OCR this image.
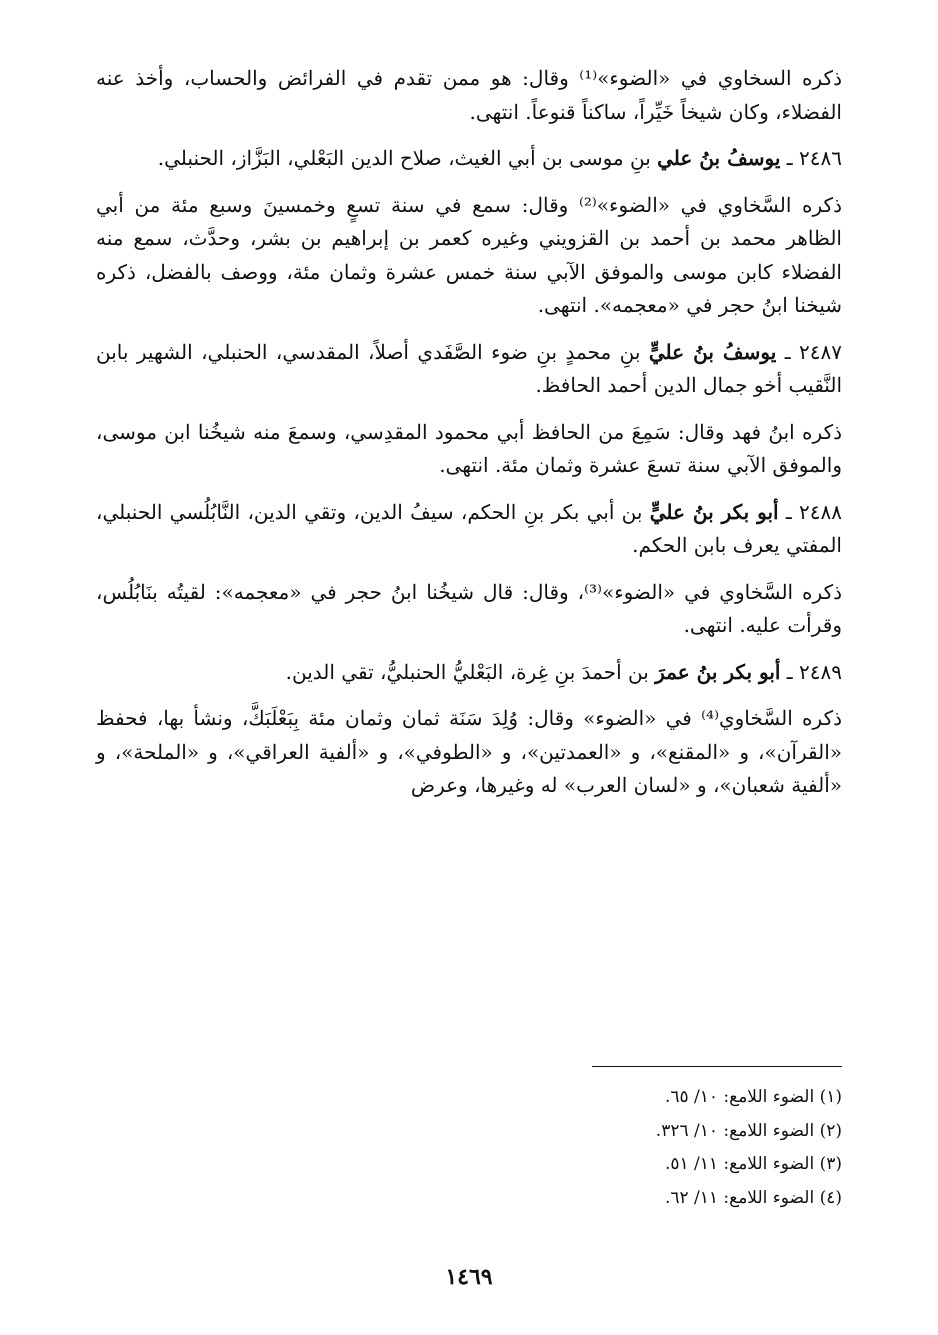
ذكره السخاوي في «الضوء»⁽¹⁾ وقال: هو ممن تقدم في الفرائض والحساب، وأخذ عنه الفضلاء، وكان شيخاً خَيِّراً، ساكناً قنوعاً. انتهى.

٢٤٨٦ ـ يوسفُ بنُ علي بنِ موسى بن أبي الغيث، صلاح الدين البَعْلي، البَزَّاز، الحنبلي.

ذكره السَّخاوي في «الضوء»⁽²⁾ وقال: سمع في سنة تسعٍ وخمسينَ وسبع مئة من أبي الظاهر محمد بن أحمد بن القزويني وغيره كعمر بن إبراهيم بن بشر، وحدَّث، سمع منه الفضلاء كابن موسى والموفق الآبي سنة خمس عشرة وثمان مئة، ووصف بالفضل، ذكره شيخنا ابنُ حجر في «معجمه». انتهى.

٢٤٨٧ ـ يوسفُ بنُ عليٍّ بنِ محمدٍ بنِ ضوء الصَّفَدي أصلاً، المقدسي، الحنبلي، الشهير بابن النَّقيب أخو جمال الدين أحمد الحافظ.

ذكره ابنُ فهد وقال: سَمِعَ من الحافظ أبي محمود المقدِسي، وسمعَ منه شيخُنا ابن موسى، والموفق الآبي سنة تسعَ عشرة وثمان مئة. انتهى.

٢٤٨٨ ـ أبو بكر بنُ عليٍّ بن أبي بكر بنِ الحكم، سيفُ الدين، وتقي الدين، النَّابُلُسي الحنبلي، المفتي يعرف بابن الحكم.

ذكره السَّخاوي في «الضوء»⁽³⁾، وقال: قال شيخُنا ابنُ حجر في «معجمه»: لقيتُه بنَابُلُس، وقرأت عليه. انتهى.

٢٤٨٩ ـ أبو بكر بنُ عمرَ بن أحمدَ بنِ غِرة، البَعْليُّ الحنبليُّ، تقي الدين.

ذكره السَّخاوي⁽⁴⁾ في «الضوء» وقال: وُلِدَ سَنَة ثمان وثمان مئة بِبَعْلَبَكَّ، ونشأ بها، فحفظ «القرآن»، و «المقنع»، و «العمدتين»، و «الطوفي»، و «ألفية العراقي»، و «الملحة»، و «ألفية شعبان»، و «لسان العرب» له وغيرها، وعرض

(١) الضوء اللامع: ١٠/ ٦٥.

(٢) الضوء اللامع: ١٠/ ٣٢٦.

(٣) الضوء اللامع: ١١/ ٥١.

(٤) الضوء اللامع: ١١/ ٦٢.

١٤٦٩
